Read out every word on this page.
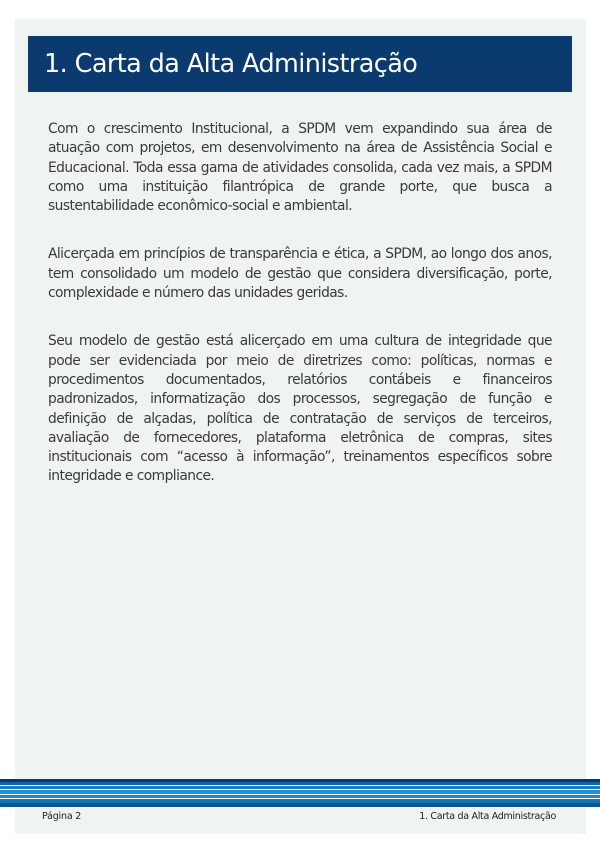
1. Carta da Alta Administração

Com o crescimento Institucional, a SPDM vem expandindo sua área de atuação com projetos, em desenvolvimento na área de Assistência Social e Educacional. Toda essa gama de atividades consolida, cada vez mais, a SPDM como uma instituição filantrópica de grande porte, que busca a sustentabilidade econômico-social e ambiental.

Alicerçada em princípios de transparência e ética, a SPDM, ao longo dos anos, tem consolidado um modelo de gestão que considera diversificação, porte, complexidade e número das unidades geridas.

Seu modelo de gestão está alicerçado em uma cultura de integridade que pode ser evidenciada por meio de diretrizes como: políticas, normas e procedimentos documentados, relatórios contábeis e financeiros padronizados, informatização dos processos, segregação de função e definição de alçadas, política de contratação de serviços de terceiros, avaliação de fornecedores, plataforma eletrônica de compras, sites institucionais com “acesso à informação”, treinamentos específicos sobre integridade e compliance.

Página 2	1. Carta da Alta Administração
